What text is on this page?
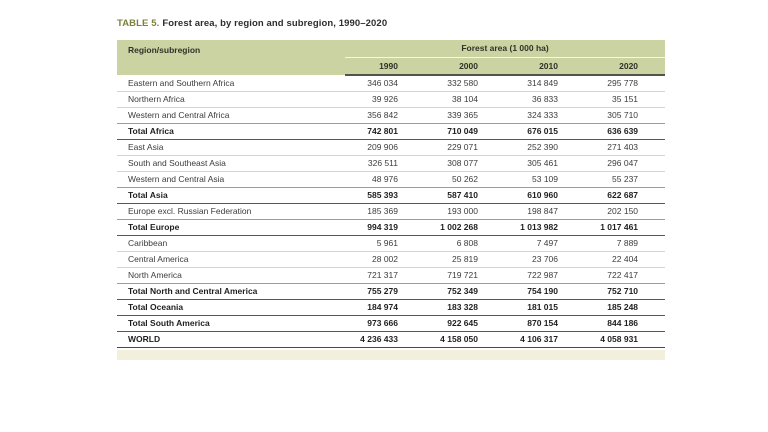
TABLE 5. Forest area, by region and subregion, 1990–2020
Region/subregion	Forest area (1 000 ha)			
	1990	2000	2010	2020
Eastern and Southern Africa	346 034	332 580	314 849	295 778
Northern Africa	39 926	38 104	36 833	35 151
Western and Central Africa	356 842	339 365	324 333	305 710
Total Africa	742 801	710 049	676 015	636 639
East Asia	209 906	229 071	252 390	271 403
South and Southeast Asia	326 511	308 077	305 461	296 047
Western and Central Asia	48 976	50 262	53 109	55 237
Total Asia	585 393	587 410	610 960	622 687
Europe excl. Russian Federation	185 369	193 000	198 847	202 150
Total Europe	994 319	1 002 268	1 013 982	1 017 461
Caribbean	5 961	6 808	7 497	7 889
Central America	28 002	25 819	23 706	22 404
North America	721 317	719 721	722 987	722 417
Total North and Central America	755 279	752 349	754 190	752 710
Total Oceania	184 974	183 328	181 015	185 248
Total South America	973 666	922 645	870 154	844 186
WORLD	4 236 433	4 158 050	4 106 317	4 058 931
